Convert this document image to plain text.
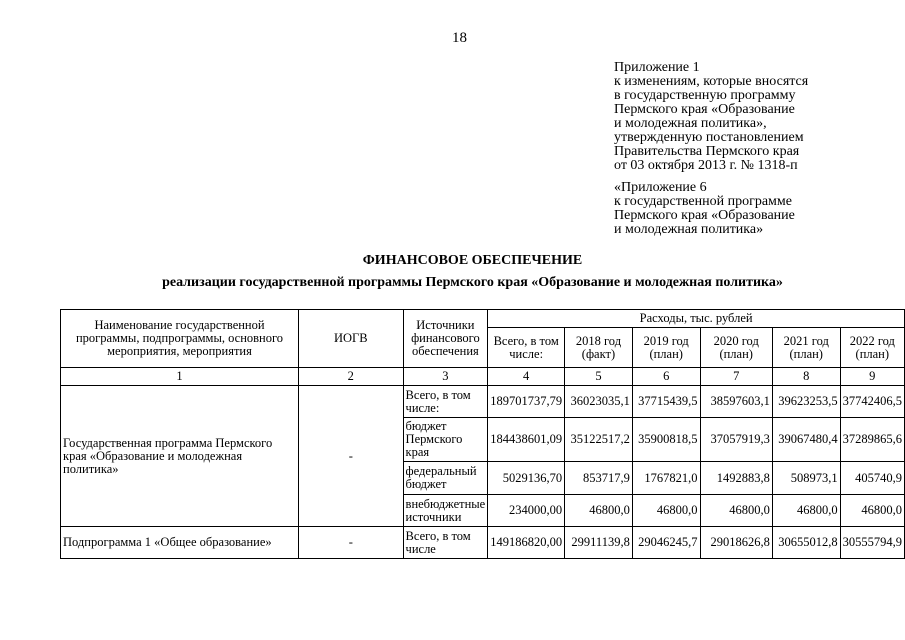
18
Приложение 1
к изменениям, которые вносятся
в государственную программу
Пермского края «Образование
и молодежная политика»,
утвержденную постановлением
Правительства Пермского края
от 03 октября 2013 г. № 1318-п
«Приложение 6
к государственной программе
Пермского края «Образование
и молодежная политика»
ФИНАНСОВОЕ ОБЕСПЕЧЕНИЕ
реализации государственной программы Пермского края «Образование и молодежная политика»
Наименование государственной программы, подпрограммы, основного мероприятия, мероприятия	ИОГВ	Источники финансового обеспечения	Расходы, тыс. рублей					
			Всего, в том числе:	2018 год (факт)	2019 год (план)	2020 год (план)	2021 год (план)	2022 год (план)
1	2	3	4	5	6	7	8	9
Государственная программа Пермского края «Образование и молодежная политика»	-	Всего, в том числе:	189701737,79	36023035,1	37715439,5	38597603,1	39623253,5	37742406,5
		бюджет Пермского края	184438601,09	35122517,2	35900818,5	37057919,3	39067480,4	37289865,6
		федеральный бюджет	5029136,70	853717,9	1767821,0	1492883,8	508973,1	405740,9
		внебюджетные источники	234000,00	46800,0	46800,0	46800,0	46800,0	46800,0
Подпрограмма 1 «Общее образование»	-	Всего, в том числе	149186820,00	29911139,8	29046245,7	29018626,8	30655012,8	30555794,9
